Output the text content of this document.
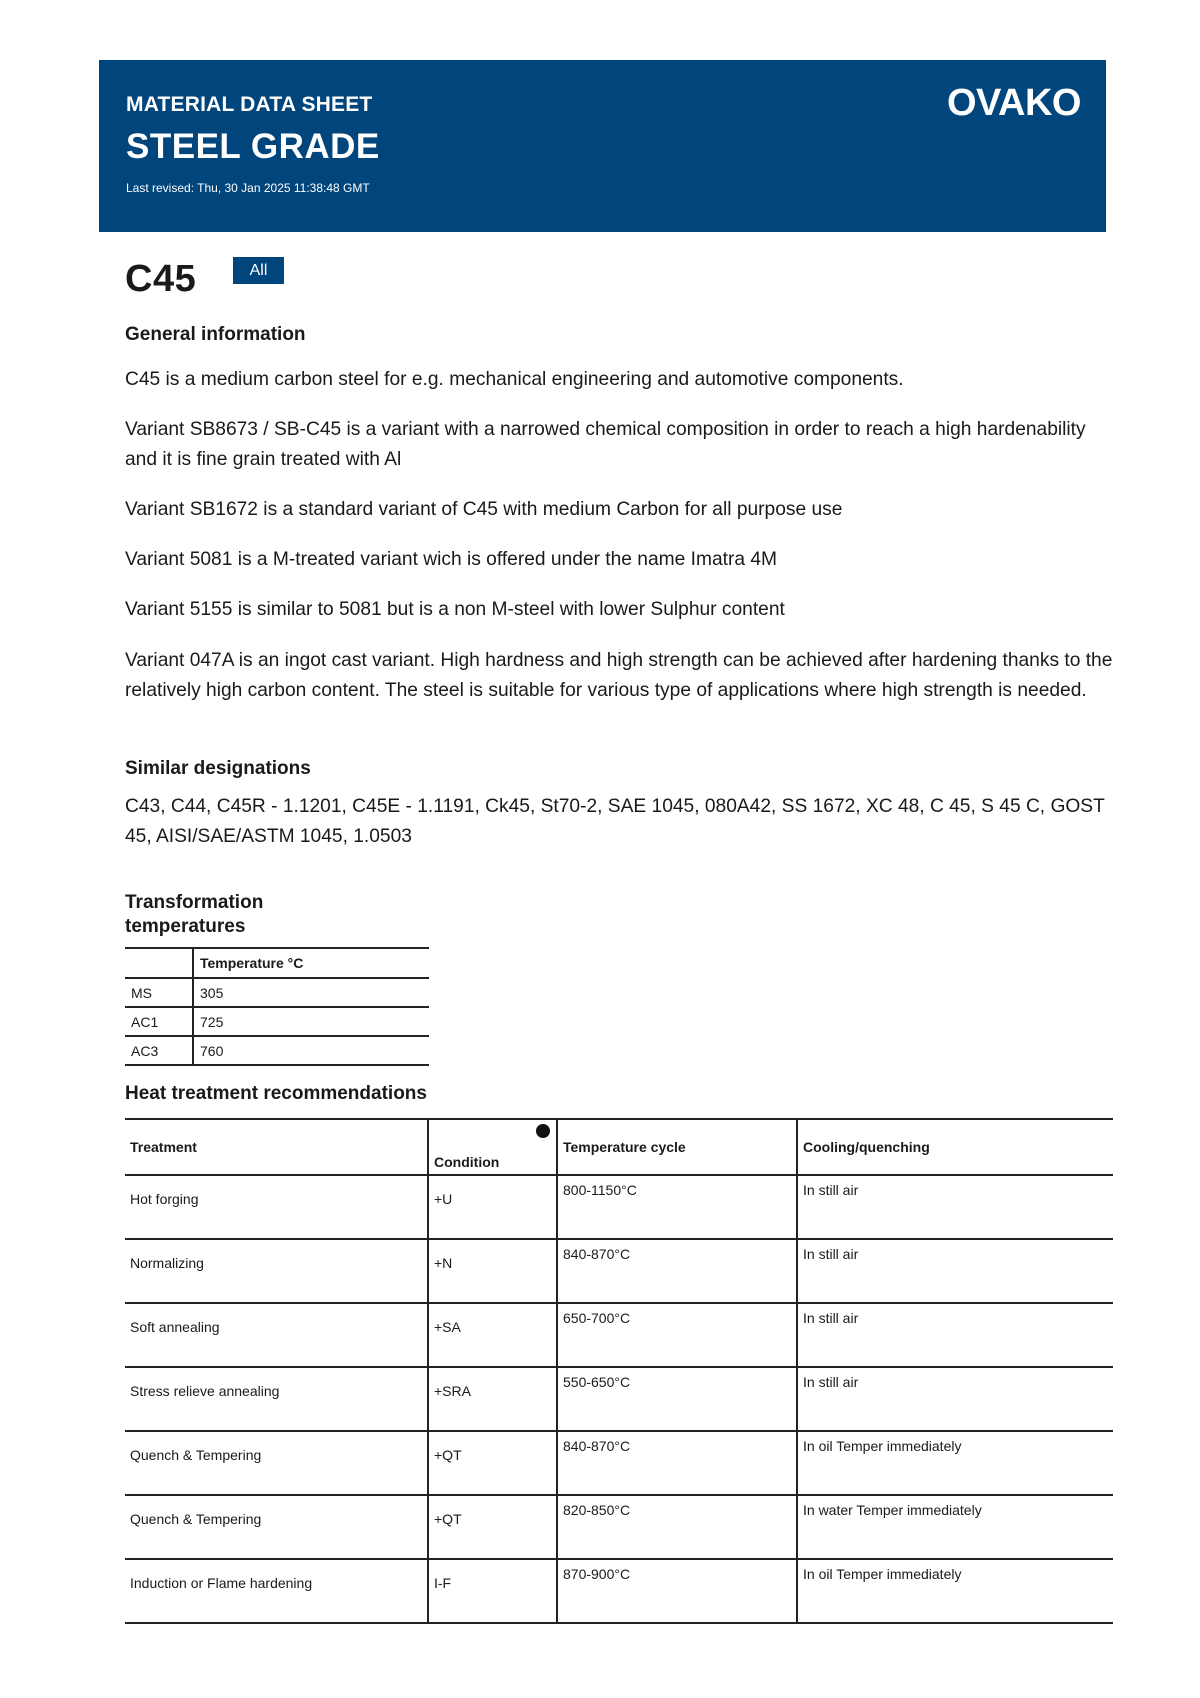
MATERIAL DATA SHEET
STEEL GRADE
Last revised: Thu, 30 Jan 2025 11:38:48 GMT
OVAKO
C45	All
General information
C45 is a medium carbon steel for e.g. mechanical engineering and automotive components.
Variant SB8673 / SB-C45 is a variant with a narrowed chemical composition in order to reach a high hardenability and it is fine grain treated with Al
Variant SB1672 is a standard variant of C45 with medium Carbon for all purpose use
Variant 5081 is a M-treated variant wich is offered under the name Imatra 4M
Variant 5155 is similar to 5081 but is a non M-steel with lower Sulphur content
Variant 047A is an ingot cast variant. High hardness and high strength can be achieved after hardening thanks to the relatively high carbon content. The steel is suitable for various type of applications where high strength is needed.
Similar designations
C43, C44, C45R - 1.1201, C45E - 1.1191, Ck45, St70-2, SAE 1045, 080A42, SS 1672, XC 48, C 45, S 45 C, GOST 45, AISI/SAE/ASTM 1045, 1.0503
Transformation
temperatures
	Temperature °C
MS	305
AC1	725
AC3	760
Heat treatment recommendations
Treatment	Condition	Temperature cycle	Cooling/quenching
Hot forging	+U	800-1150°C	In still air
Normalizing	+N	840-870°C	In still air
Soft annealing	+SA	650-700°C	In still air
Stress relieve annealing	+SRA	550-650°C	In still air
Quench & Tempering	+QT	840-870°C	In oil Temper immediately
Quench & Tempering	+QT	820-850°C	In water Temper immediately
Induction or Flame hardening	I-F	870-900°C	In oil Temper immediately
